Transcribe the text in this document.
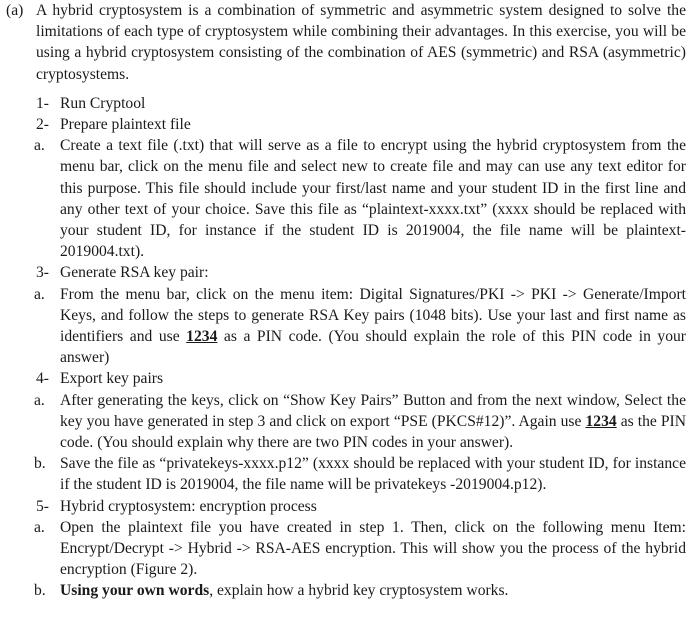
(a) A hybrid cryptosystem is a combination of symmetric and asymmetric system designed to solve the limitations of each type of cryptosystem while combining their advantages. In this exercise, you will be using a hybrid cryptosystem consisting of the combination of AES (symmetric) and RSA (asymmetric) cryptosystems.
1- Run Cryptool
2- Prepare plaintext file
a. Create a text file (.txt) that will serve as a file to encrypt using the hybrid cryptosystem from the menu bar, click on the menu file and select new to create file and may can use any text editor for this purpose. This file should include your first/last name and your student ID in the first line and any other text of your choice. Save this file as “plaintext-xxxx.txt” (xxxx should be replaced with your student ID, for instance if the student ID is 2019004, the file name will be plaintext-2019004.txt).
3- Generate RSA key pair:
a. From the menu bar, click on the menu item: Digital Signatures/PKI -> PKI -> Generate/Import Keys, and follow the steps to generate RSA Key pairs (1048 bits). Use your last and first name as identifiers and use 1234 as a PIN code. (You should explain the role of this PIN code in your answer)
4- Export key pairs
a. After generating the keys, click on “Show Key Pairs” Button and from the next window, Select the key you have generated in step 3 and click on export “PSE (PKCS#12)”. Again use 1234 as the PIN code. (You should explain why there are two PIN codes in your answer).
b. Save the file as “privatekeys-xxxx.p12” (xxxx should be replaced with your student ID, for instance if the student ID is 2019004, the file name will be privatekeys -2019004.p12).
5- Hybrid cryptosystem: encryption process
a. Open the plaintext file you have created in step 1. Then, click on the following menu Item: Encrypt/Decrypt -> Hybrid -> RSA-AES encryption. This will show you the process of the hybrid encryption (Figure 2).
b. Using your own words, explain how a hybrid key cryptosystem works.
